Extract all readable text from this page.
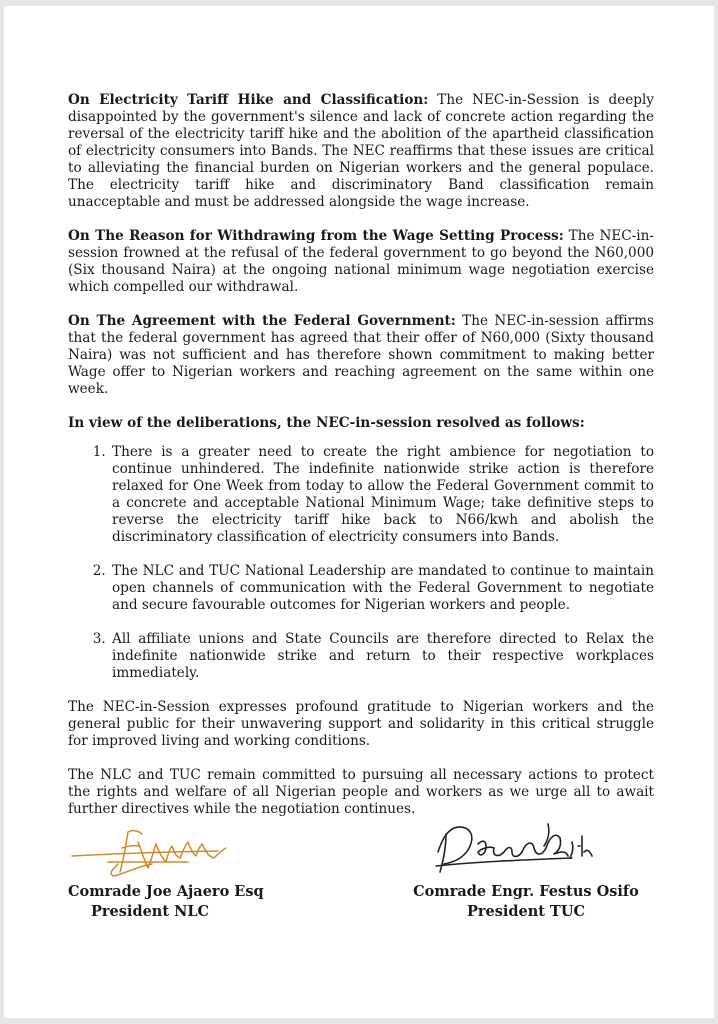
On Electricity Tariff Hike and Classification: The NEC-in-Session is deeply disappointed by the government's silence and lack of concrete action regarding the reversal of the electricity tariff hike and the abolition of the apartheid classification of electricity consumers into Bands. The NEC reaffirms that these issues are critical to alleviating the financial burden on Nigerian workers and the general populace. The electricity tariff hike and discriminatory Band classification remain unacceptable and must be addressed alongside the wage increase.

On The Reason for Withdrawing from the Wage Setting Process: The NEC-in-session frowned at the refusal of the federal government to go beyond the N60,000 (Six thousand Naira) at the ongoing national minimum wage negotiation exercise which compelled our withdrawal.

On The Agreement with the Federal Government: The NEC-in-session affirms that the federal government has agreed that their offer of N60,000 (Sixty thousand Naira) was not sufficient and has therefore shown commitment to making better Wage offer to Nigerian workers and reaching agreement on the same within one week.

In view of the deliberations, the NEC-in-session resolved as follows:

1. There is a greater need to create the right ambience for negotiation to continue unhindered. The indefinite nationwide strike action is therefore relaxed for One Week from today to allow the Federal Government commit to a concrete and acceptable National Minimum Wage; take definitive steps to reverse the electricity tariff hike back to N66/kwh and abolish the discriminatory classification of electricity consumers into Bands.
2. The NLC and TUC National Leadership are mandated to continue to maintain open channels of communication with the Federal Government to negotiate and secure favourable outcomes for Nigerian workers and people.
3. All affiliate unions and State Councils are therefore directed to Relax the indefinite nationwide strike and return to their respective workplaces immediately.

The NEC-in-Session expresses profound gratitude to Nigerian workers and the general public for their unwavering support and solidarity in this critical struggle for improved living and working conditions.

The NLC and TUC remain committed to pursuing all necessary actions to protect the rights and welfare of all Nigerian people and workers as we urge all to await further directives while the negotiation continues.

Comrade Joe Ajaero Esq
President NLC
Comrade Engr. Festus Osifo
President TUC
